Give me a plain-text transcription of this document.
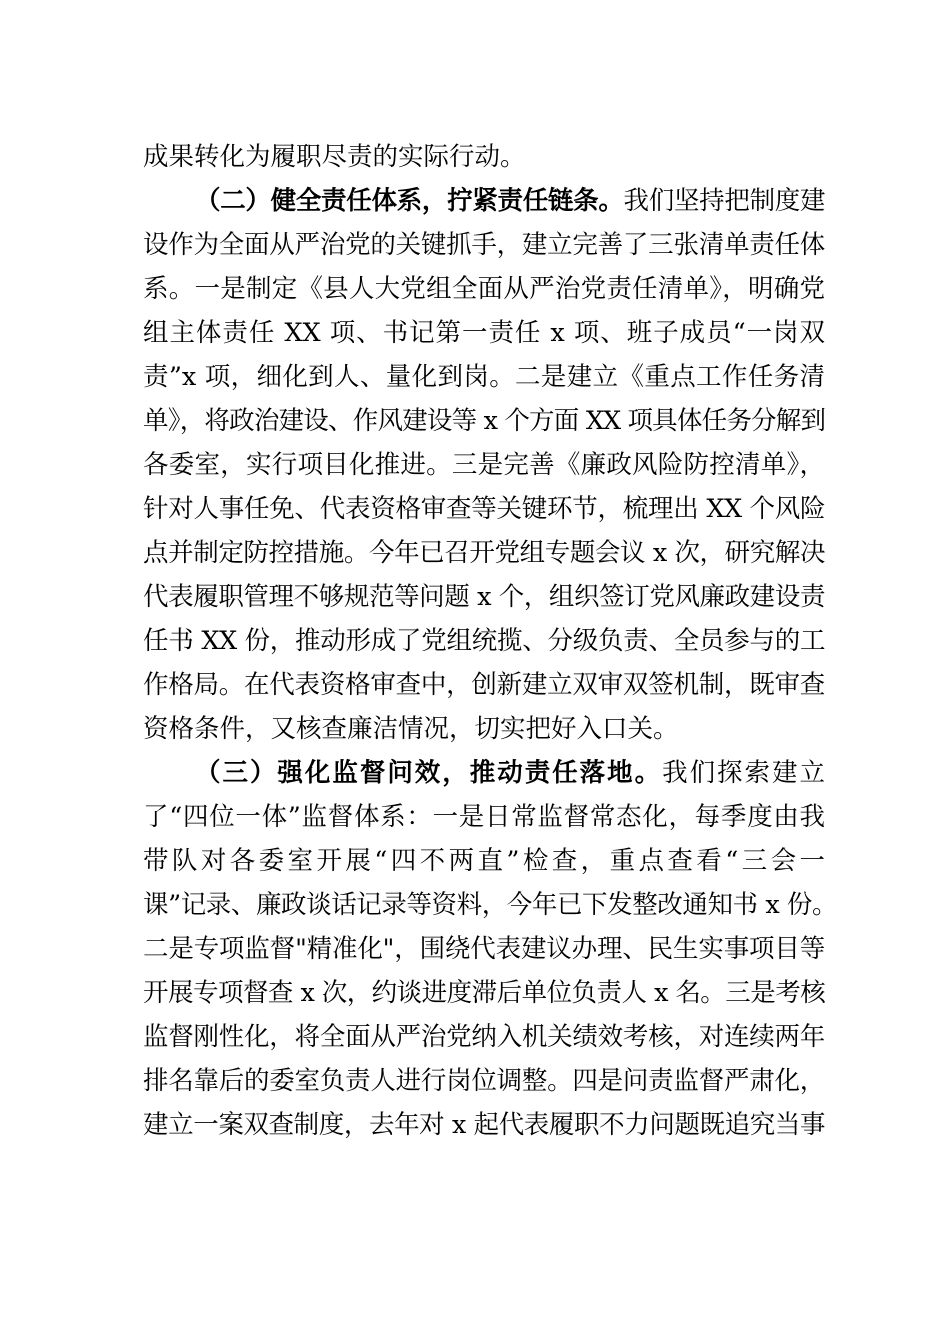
成果转化为履职尽责的实际行动。
（二）健全责任体系，拧紧责任链条。我们坚持把制度建
设作为全面从严治党的关键抓手，建立完善了三张清单责任体
系。一是制定《县人大党组全面从严治党责任清单》，明确党
组主体责任 XX 项、书记第一责任 x 项、班子成员“一岗双
责”x 项，细化到人、量化到岗。二是建立《重点工作任务清
单》，将政治建设、作风建设等 x 个方面 XX 项具体任务分解到
各委室，实行项目化推进。三是完善《廉政风险防控清单》，
针对人事任免、代表资格审查等关键环节，梳理出 XX 个风险
点并制定防控措施。今年已召开党组专题会议 x 次，研究解决
代表履职管理不够规范等问题 x 个，组织签订党风廉政建设责
任书 XX 份，推动形成了党组统揽、分级负责、全员参与的工
作格局。在代表资格审查中，创新建立双审双签机制，既审查
资格条件，又核查廉洁情况，切实把好入口关。
（三）强化监督问效，推动责任落地。我们探索建立
了“四位一体”监督体系：一是日常监督常态化，每季度由我
带队对各委室开展“四不两直”检查，重点查看“三会一
课”记录、廉政谈话记录等资料，今年已下发整改通知书 x 份。
二是专项监督"精准化"，围绕代表建议办理、民生实事项目等
开展专项督查 x 次，约谈进度滞后单位负责人 x 名。三是考核
监督刚性化，将全面从严治党纳入机关绩效考核，对连续两年
排名靠后的委室负责人进行岗位调整。四是问责监督严肃化，
建立一案双查制度，去年对 x 起代表履职不力问题既追究当事
